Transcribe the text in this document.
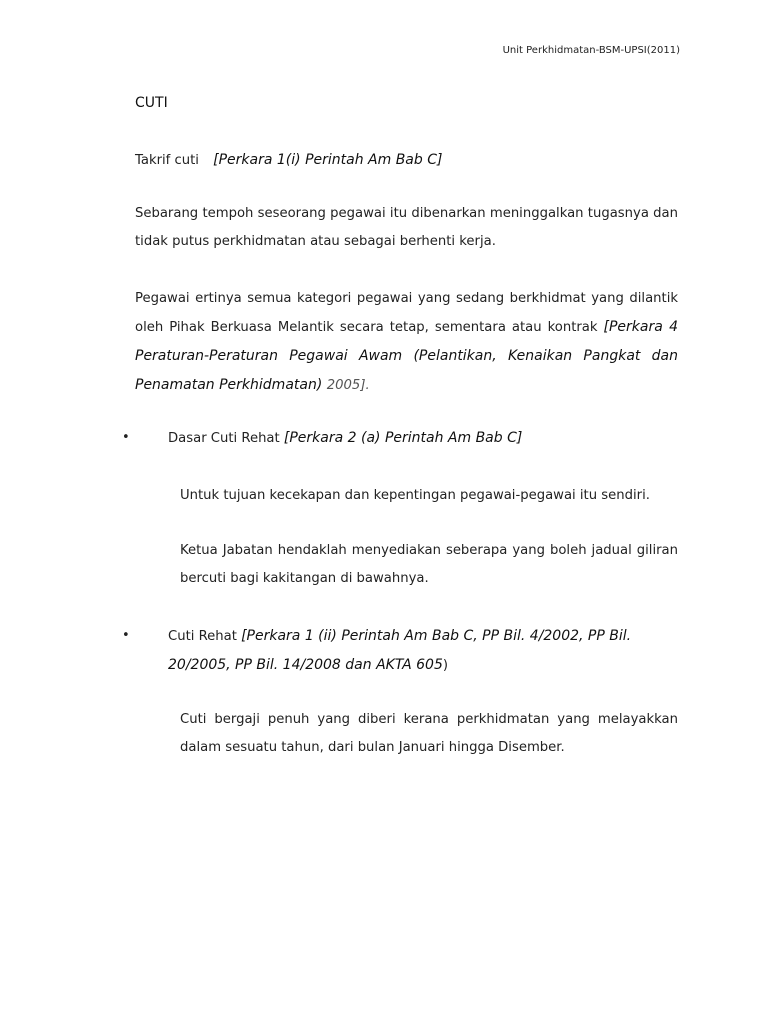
Unit Perkhidmatan-BSM-UPSI(2011)
CUTI
Takrif cuti [Perkara 1(i) Perintah Am Bab C]
Sebarang tempoh seseorang pegawai itu dibenarkan meninggalkan tugasnya dan tidak putus perkhidmatan atau sebagai berhenti kerja.
Pegawai ertinya semua kategori pegawai yang sedang berkhidmat yang dilantik oleh Pihak Berkuasa Melantik secara tetap, sementara atau kontrak [Perkara 4 Peraturan-Peraturan Pegawai Awam (Pelantikan, Kenaikan Pangkat dan Penamatan Perkhidmatan) 2005].
•	Dasar Cuti Rehat [Perkara 2 (a) Perintah Am Bab C]
Untuk tujuan kecekapan dan kepentingan pegawai-pegawai itu sendiri.
Ketua Jabatan hendaklah menyediakan seberapa yang boleh jadual giliran bercuti bagi kakitangan di bawahnya.
•	Cuti Rehat [Perkara 1 (ii) Perintah Am Bab C, PP Bil. 4/2002, PP Bil. 20/2005, PP Bil. 14/2008 dan AKTA 605)
Cuti bergaji penuh yang diberi kerana perkhidmatan yang melayakkan dalam sesuatu tahun, dari bulan Januari hingga Disember.
